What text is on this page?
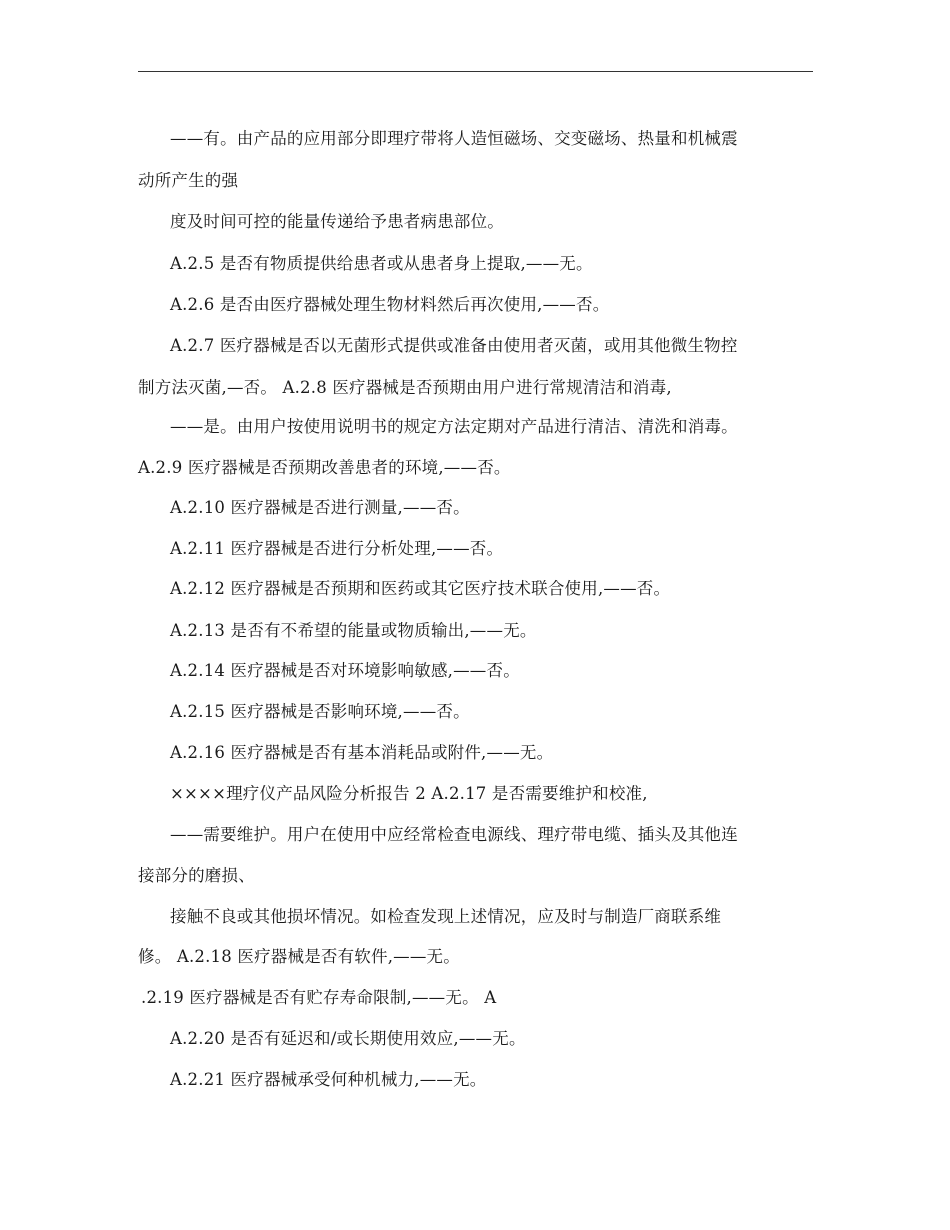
——有。由产品的应用部分即理疗带将人造恒磁场、交变磁场、热量和机械震
动所产生的强
度及时间可控的能量传递给予患者病患部位。
A.2.5 是否有物质提供给患者或从患者身上提取,——无。
A.2.6 是否由医疗器械处理生物材料然后再次使用,——否。
A.2.7 医疗器械是否以无菌形式提供或准备由使用者灭菌，或用其他微生物控
制方法灭菌,—否。 A.2.8 医疗器械是否预期由用户进行常规清洁和消毒,
——是。由用户按使用说明书的规定方法定期对产品进行清洁、清洗和消毒。
A.2.9 医疗器械是否预期改善患者的环境,——否。
A.2.10 医疗器械是否进行测量,——否。
A.2.11 医疗器械是否进行分析处理,——否。
A.2.12 医疗器械是否预期和医药或其它医疗技术联合使用,——否。
A.2.13 是否有不希望的能量或物质输出,——无。
A.2.14 医疗器械是否对环境影响敏感,——否。
A.2.15 医疗器械是否影响环境,——否。
A.2.16 医疗器械是否有基本消耗品或附件,——无。
××××理疗仪产品风险分析报告 2 A.2.17 是否需要维护和校准,
——需要维护。用户在使用中应经常检查电源线、理疗带电缆、插头及其他连
接部分的磨损、
接触不良或其他损坏情况。如检查发现上述情况，应及时与制造厂商联系维
修。 A.2.18 医疗器械是否有软件,——无。
.2.19 医疗器械是否有贮存寿命限制,——无。 A
A.2.20 是否有延迟和/或长期使用效应,——无。
A.2.21 医疗器械承受何种机械力,——无。
